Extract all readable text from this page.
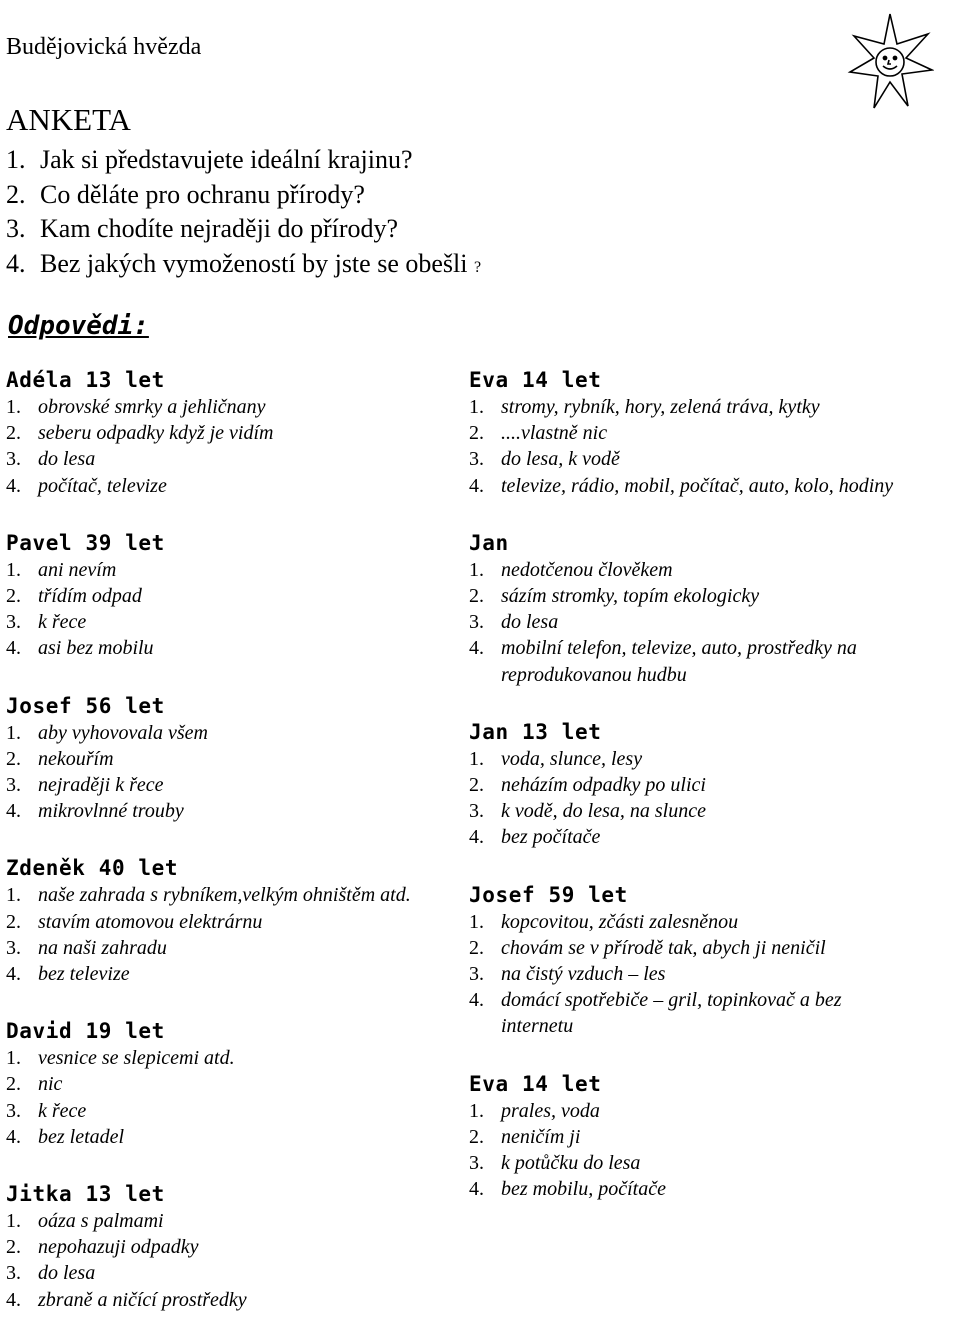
Budějovická hvězda
ANKETA
1. Jak si představujete ideální krajinu?
2. Co děláte pro ochranu přírody?
3. Kam chodíte nejraději do přírody?
4. Bez jakých vymožeností by jste se obešli ?
Odpovědi:
Adéla 13 let
1. obrovské smrky a jehličnany
2. seberu odpadky když je vidím
3. do lesa
4. počítač, televize
Pavel 39 let
1. ani nevím
2. třídím odpad
3. k řece
4. asi bez mobilu
Josef 56 let
1. aby vyhovovala všem
2. nekouřím
3. nejraději k řece
4. mikrovlnné trouby
Zdeněk 40 let
1. naše zahrada s rybníkem,velkým ohništěm atd.
2. stavím atomovou elektrárnu
3. na naši zahradu
4. bez televize
David 19 let
1. vesnice se slepicemi atd.
2. nic
3. k řece
4. bez letadel
Jitka 13 let
1. oáza s palmami
2. nepohazuji odpadky
3. do lesa
4. zbraně a ničící prostředky
Eva 14 let
1. stromy, rybník, hory, zelená tráva, kytky
2. ....vlastně nic
3. do lesa, k vodě
4. televize, rádio, mobil, počítač, auto, kolo, hodiny
Jan
1. nedotčenou člověkem
2. sázím stromky, topím ekologicky
3. do lesa
4. mobilní telefon, televize, auto, prostředky na reprodukovanou hudbu
Jan 13 let
1. voda, slunce, lesy
2. neházím odpadky po ulici
3. k vodě, do lesa, na slunce
4. bez počítače
Josef 59 let
1. kopcovitou, zčásti zalesněnou
2. chovám se v přírodě tak, abych ji neničil
3. na čistý vzduch – les
4. domácí spotřebiče – gril, topinkovač a bez internetu
Eva 14 let
1. prales, voda
2. neničím ji
3. k potůčku do lesa
4. bez mobilu, počítače
